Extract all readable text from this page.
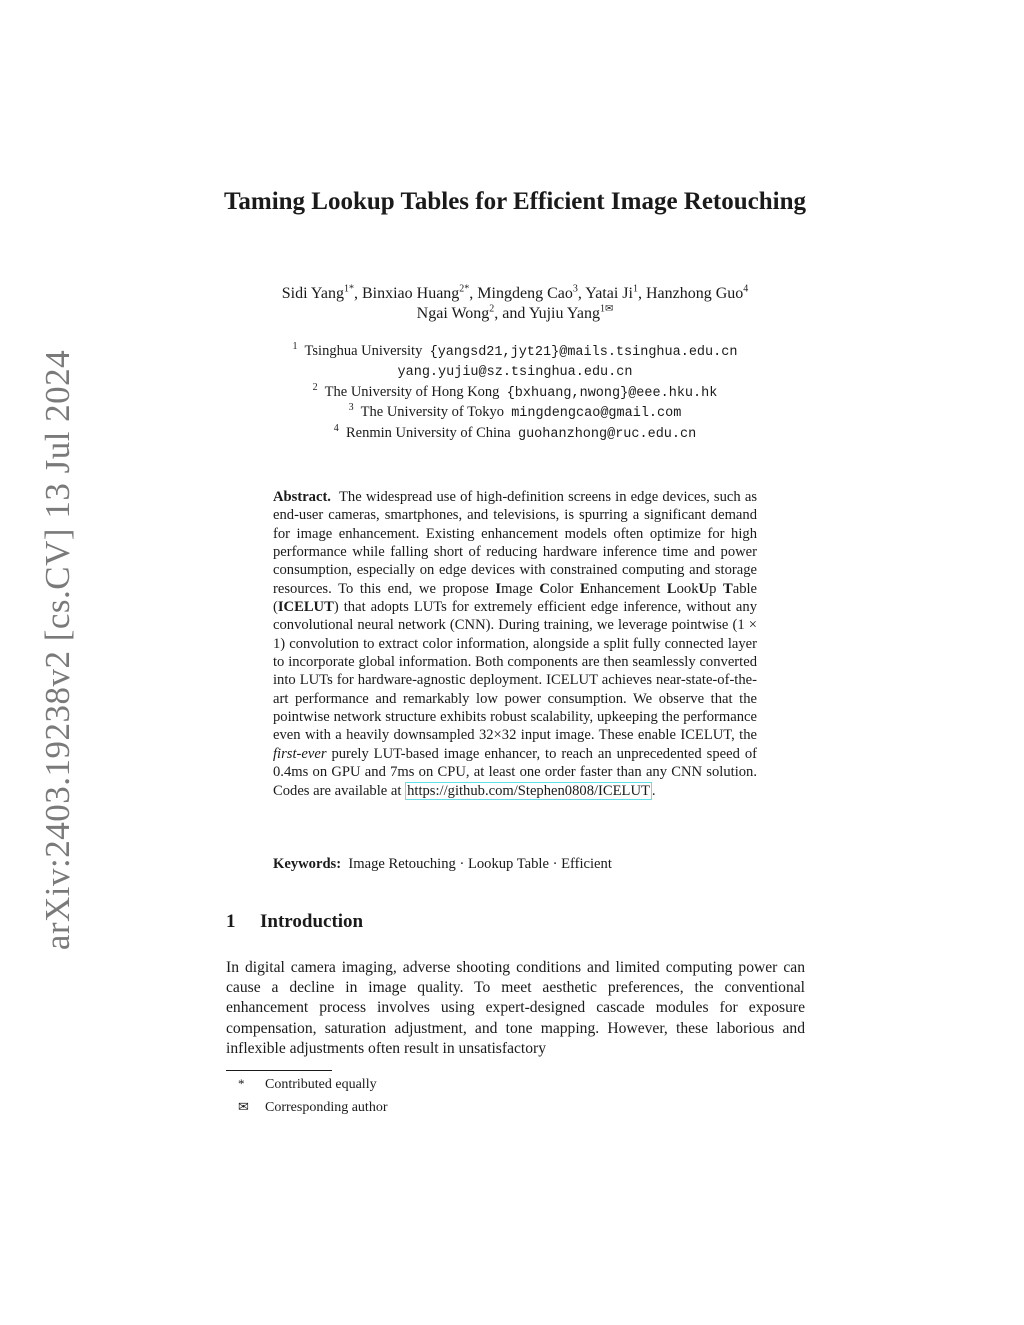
arXiv:2403.19238v2 [cs.CV] 13 Jul 2024
Taming Lookup Tables for Efficient Image Retouching
Sidi Yang$^{1*}$, Binxiao Huang$^{2*}$, Mingdeng Cao$^3$, Yatai Ji$^1$, Hanzhong Guo$^4$
Ngai Wong$^2$, and Yujiu Yang$^{1✉}$
$^1$ Tsinghua University {yangsd21,jyt21}@mails.tsinghua.edu.cn
yang.yujiu@sz.tsinghua.edu.cn
$^2$ The University of Hong Kong {bxhuang,nwong}@eee.hku.hk
$^3$ The University of Tokyo mingdengcao@gmail.com
$^4$ Renmin University of China guohanzhong@ruc.edu.cn

Abstract. The widespread use of high-definition screens in edge devices, such as end-user cameras, smartphones, and televisions, is spurring a significant demand for image enhancement. Existing enhancement models often optimize for high performance while falling short of reducing hardware inference time and power consumption, especially on edge devices with constrained computing and storage resources. To this end, we propose Image Color Enhancement LookUp Table (ICELUT) that adopts LUTs for extremely efficient edge inference, without any convolutional neural network (CNN). During training, we leverage pointwise (1 × 1) convolution to extract color information, alongside a split fully connected layer to incorporate global information. Both components are then seamlessly converted into LUTs for hardware-agnostic deployment. ICELUT achieves near-state-of-the-art performance and remarkably low power consumption. We observe that the pointwise network structure exhibits robust scalability, upkeeping the performance even with a heavily downsampled 32×32 input image. These enable ICELUT, the first-ever purely LUT-based image enhancer, to reach an unprecedented speed of 0.4ms on GPU and 7ms on CPU, at least one order faster than any CNN solution. Codes are available at https://github.com/Stephen0808/ICELUT .

Keywords: Image Retouching · Lookup Table · Efficient
1 Introduction
In digital camera imaging, adverse shooting conditions and limited computing power can cause a decline in image quality. To meet aesthetic preferences, the conventional enhancement process involves using expert-designed cascade modules for exposure compensation, saturation adjustment, and tone mapping. However, these laborious and inflexible adjustments often result in unsatisfactory
* Contributed equally
✉ Corresponding author
